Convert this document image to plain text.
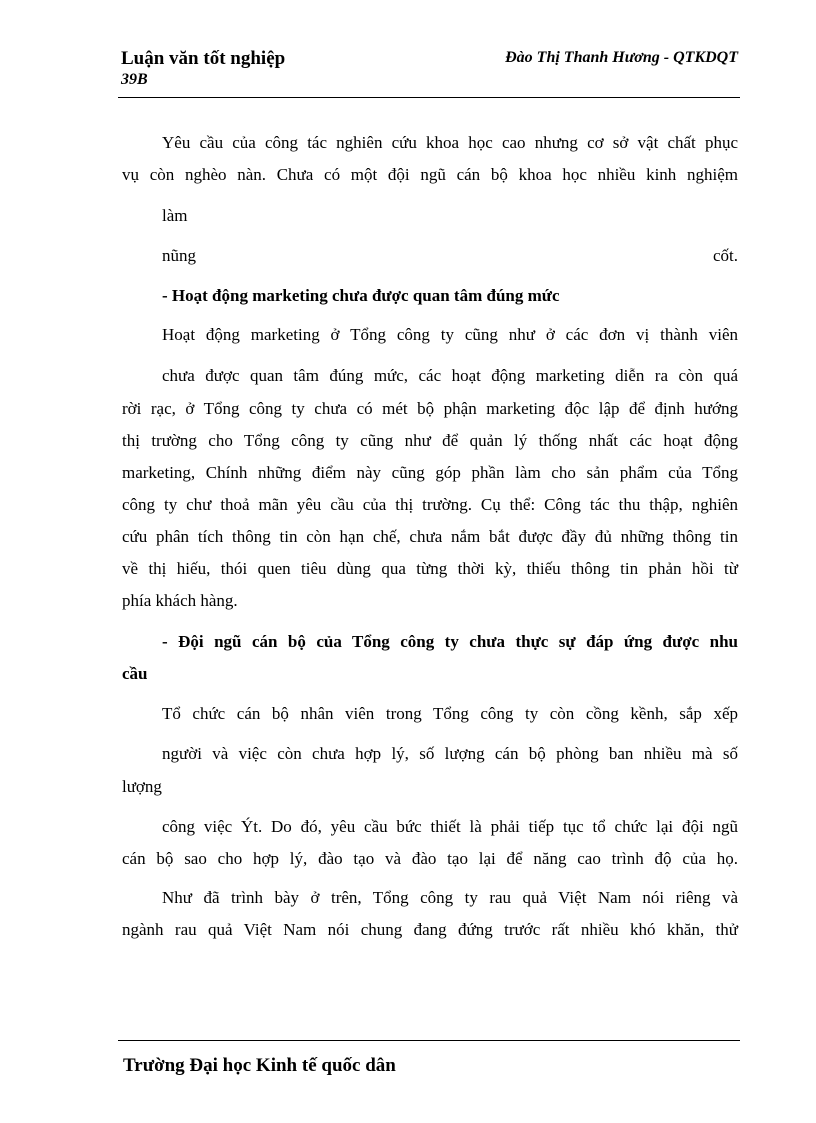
Luận văn tốt nghiệp
39B
Đào Thị Thanh Hương - QTKDQT
Yêu cầu của công tác nghiên cứu khoa học cao nhưng cơ sở vật chất phục
vụ còn nghèo nàn. Chưa có một đội ngũ cán bộ khoa học nhiều kinh nghiệm
làm
nũng	cốt.
- Hoạt động marketing chưa được quan tâm đúng mức
Hoạt động marketing ở Tổng công ty cũng như ở các đơn vị thành viên
chưa được quan tâm đúng mức, các hoạt động marketing diễn ra còn quá
rời rạc, ở Tổng công ty chưa có mét bộ phận marketing độc lập để định hướng
thị trường cho Tổng công ty cũng như để quản lý thống nhất các hoạt động
marketing, Chính những điểm này cũng góp phần làm cho sản phẩm của Tổng
công ty chư thoả mãn yêu cầu của thị trường. Cụ thể: Công tác thu thập, nghiên
cứu phân tích thông tin còn hạn chế, chưa nắm bắt được đầy đủ những thông tin
về thị hiếu, thói quen tiêu dùng qua từng thời kỳ, thiếu thông tin phản hồi từ
phía khách hàng.
- Đội ngũ cán bộ của Tổng công ty chưa thực sự đáp ứng được nhu
cầu
Tổ chức cán bộ nhân viên trong Tổng công ty còn cồng kềnh, sắp xếp
người và việc còn chưa hợp lý, số lượng cán bộ phòng ban nhiều mà số
lượng
công việc Ýt. Do đó, yêu cầu bức thiết là phải tiếp tục tổ chức lại đội ngũ
cán bộ sao cho hợp lý, đào tạo và đào tạo lại để năng cao trình độ của họ.
Như đã trình bày ở trên, Tổng công ty rau quả Việt Nam nói riêng và
ngành rau quả Việt Nam nói chung đang đứng trước rất nhiều khó khăn, thử
Trường Đại học Kinh tế quốc dân
